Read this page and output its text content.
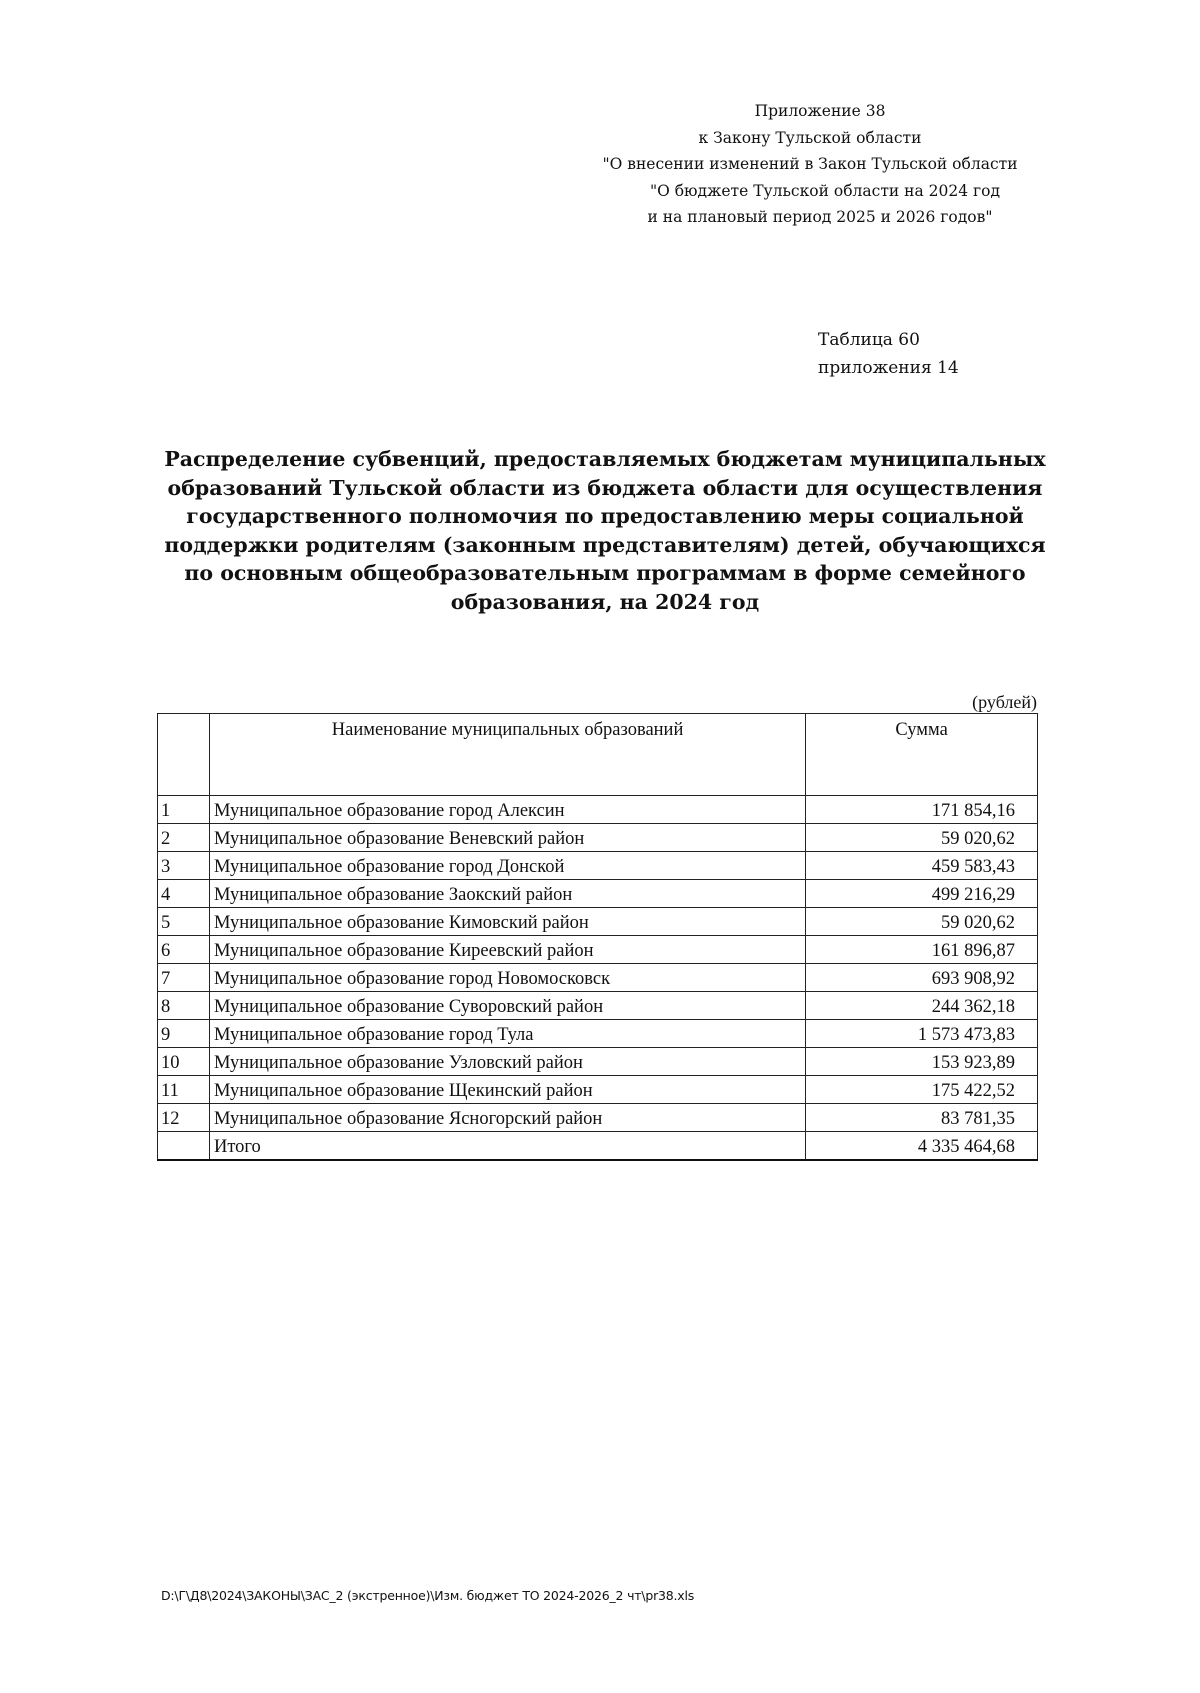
Приложение 38
к Закону Тульской области
"О внесении изменений в Закон Тульской области
"О бюджете Тульской области на 2024 год
и на плановый период 2025 и 2026 годов"
Таблица 60
приложения 14
Распределение субвенций, предоставляемых бюджетам муниципальных образований Тульской области из бюджета области для осуществления государственного полномочия по предоставлению меры социальной поддержки родителям (законным представителям) детей, обучающихся по основным общеобразовательным программам в форме семейного образования, на 2024 год
(рублей)
	Наименование муниципальных образований	Сумма
1	Муниципальное образование город Алексин	171 854,16
2	Муниципальное образование Веневский район	59 020,62
3	Муниципальное образование город Донской	459 583,43
4	Муниципальное образование Заокский район	499 216,29
5	Муниципальное образование Кимовский район	59 020,62
6	Муниципальное образование Киреевский район	161 896,87
7	Муниципальное образование город Новомосковск	693 908,92
8	Муниципальное образование Суворовский район	244 362,18
9	Муниципальное образование город Тула	1 573 473,83
10	Муниципальное образование Узловский район	153 923,89
11	Муниципальное образование Щекинский район	175 422,52
12	Муниципальное образование Ясногорский район	83 781,35
	Итого	4 335 464,68
D:\Г\Д8\2024\ЗАКОНЫ\ЗАС_2 (экстренное)\Изм. бюджет ТО 2024-2026_2 чт\pr38.xls
